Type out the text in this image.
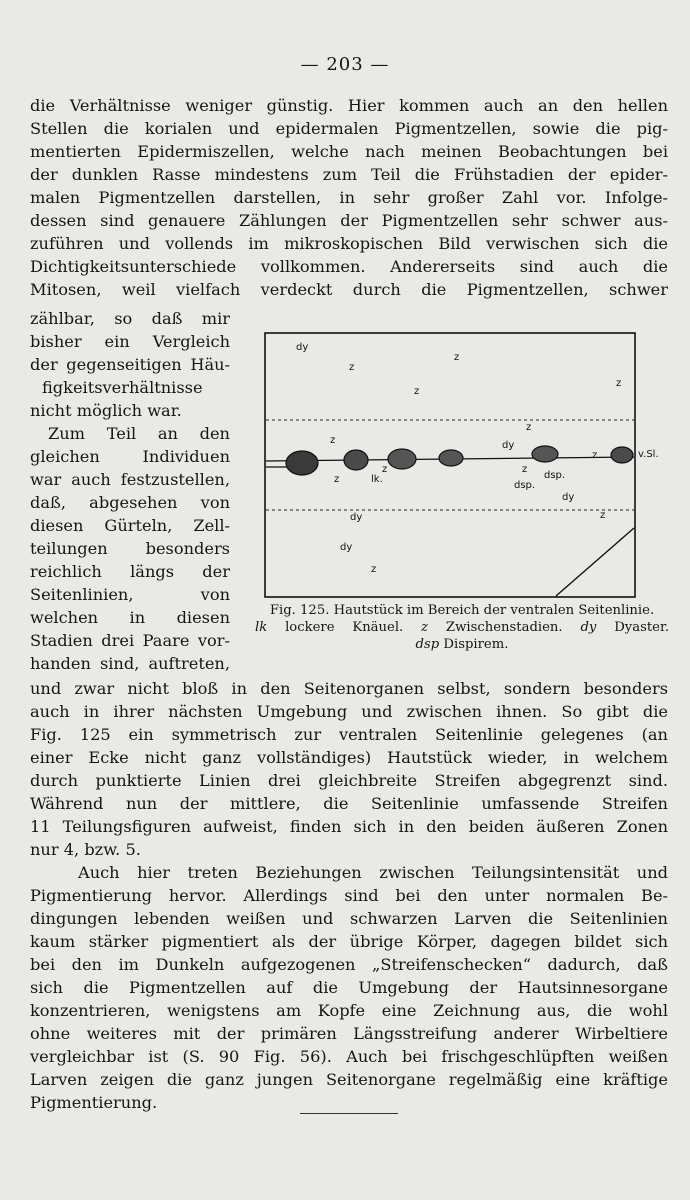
— 203 —
die Verhältnisse weniger günstig. Hier kommen auch an den hellen
Stellen die korialen und epidermalen Pigmentzellen, sowie die pig-
mentierten Epidermiszellen, welche nach meinen Beobachtungen bei
der dunklen Rasse mindestens zum Teil die Frühstadien der epider-
malen Pigmentzellen darstellen, in sehr großer Zahl vor. Infolge-
dessen sind genauere Zählungen der Pigmentzellen sehr schwer aus-
zuführen und vollends im mikroskopischen Bild verwischen sich die
Dichtigkeitsunterschiede vollkommen. Andererseits sind auch die
Mitosen, weil vielfach verdeckt durch die Pigmentzellen, schwer
zählbar, so daß mir
bisher ein Vergleich
der gegenseitigen Häu-
figkeitsverhältnisse
nicht möglich war.
Zum Teil an den
gleichen Individuen
war auch festzustellen,
daß, abgesehen von
diesen Gürteln, Zell-
teilungen besonders
reichlich längs der
Seitenlinien, von
welchen in diesen
Stadien drei Paare vor-
handen sind, auftreten,
dy
z
z
z
z
z
dy
z
z
lk.
z
z
dsp.
dsp.
z
dy
z
dy
dy
z
v.Sl.
Fig. 125. Hautstück im Bereich der ventralen Seitenlinie.
lk lockere Knäuel. z Zwischenstadien. dy Dyaster.
dsp Dispirem.
und zwar nicht bloß in den Seitenorganen selbst, sondern besonders
auch in ihrer nächsten Umgebung und zwischen ihnen. So gibt die
Fig. 125 ein symmetrisch zur ventralen Seitenlinie gelegenes (an
einer Ecke nicht ganz vollständiges) Hautstück wieder, in welchem
durch punktierte Linien drei gleichbreite Streifen abgegrenzt sind.
Während nun der mittlere, die Seitenlinie umfassende Streifen
11 Teilungsfiguren aufweist, finden sich in den beiden äußeren Zonen
nur 4, bzw. 5.
Auch hier treten Beziehungen zwischen Teilungsintensität und
Pigmentierung hervor. Allerdings sind bei den unter normalen Be-
dingungen lebenden weißen und schwarzen Larven die Seitenlinien
kaum stärker pigmentiert als der übrige Körper, dagegen bildet sich
bei den im Dunkeln aufgezogenen „Streifenschecken“ dadurch, daß
sich die Pigmentzellen auf die Umgebung der Hautsinnesorgane
konzentrieren, wenigstens am Kopfe eine Zeichnung aus, die wohl
ohne weiteres mit der primären Längsstreifung anderer Wirbeltiere
vergleichbar ist (S. 90 Fig. 56). Auch bei frischgeschlüpften weißen
Larven zeigen die ganz jungen Seitenorgane regelmäßig eine kräftige
Pigmentierung.
